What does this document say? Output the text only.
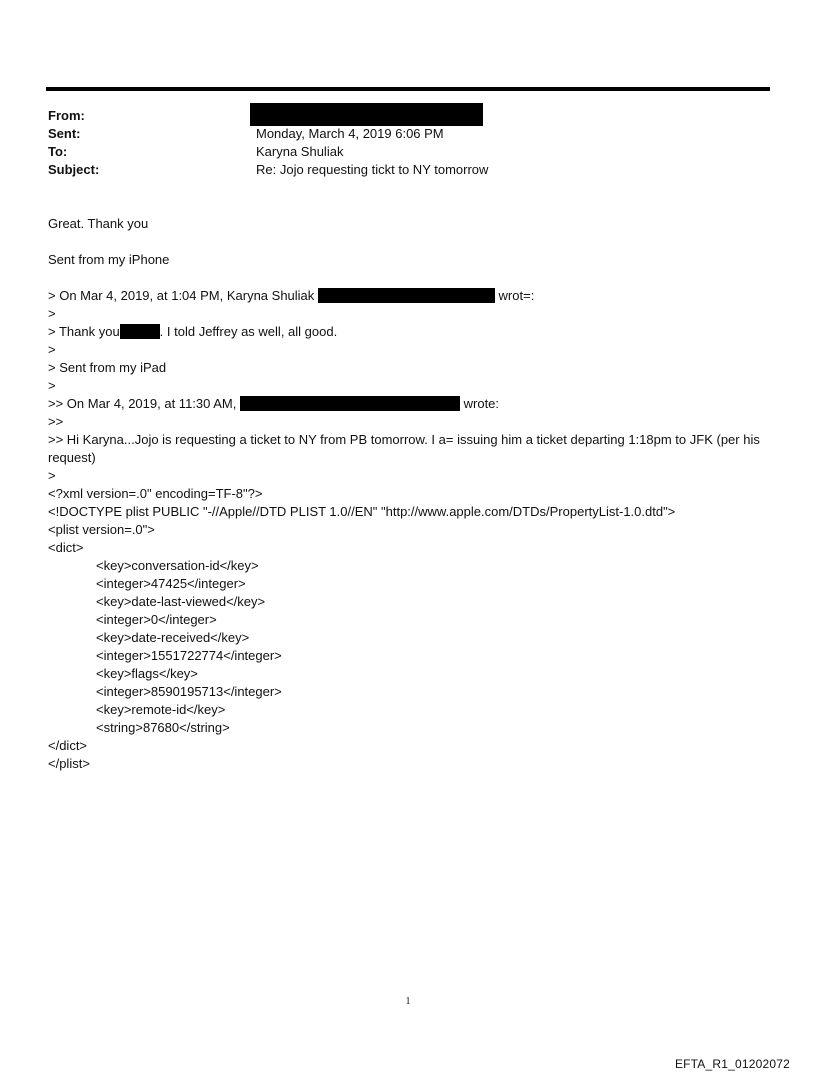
From:
Sent:	Monday, March 4, 2019 6:06 PM
To:	Karyna Shuliak
Subject:	Re: Jojo requesting tickt to NY tomorrow
Great. Thank you
Sent from my iPhone
> On Mar 4, 2019, at 1:04 PM, Karyna Shuliak	wrot=:
>
> Thank you	. I told Jeffrey as well, all good.
>
> Sent from my iPad
>
>> On Mar 4, 2019, at 11:30 AM,	wrote:
>>
>> Hi Karyna...Jojo is requesting a ticket to NY from PB tomorrow. I a= issuing him a ticket departing 1:18pm to JFK (per his request)
>
<?xml version=.0" encoding=TF-8"?>
<!DOCTYPE plist PUBLIC "-//Apple//DTD PLIST 1.0//EN" "http://www.apple.com/DTDs/PropertyList-1.0.dtd">
<plist version=.0">
<dict>
<key>conversation-id</key>
<integer>47425</integer>
<key>date-last-viewed</key>
<integer>0</integer>
<key>date-received</key>
<integer>1551722774</integer>
<key>flags</key>
<integer>8590195713</integer>
<key>remote-id</key>
<string>87680</string>
</dict>
</plist>
1
EFTA_R1_01202072
